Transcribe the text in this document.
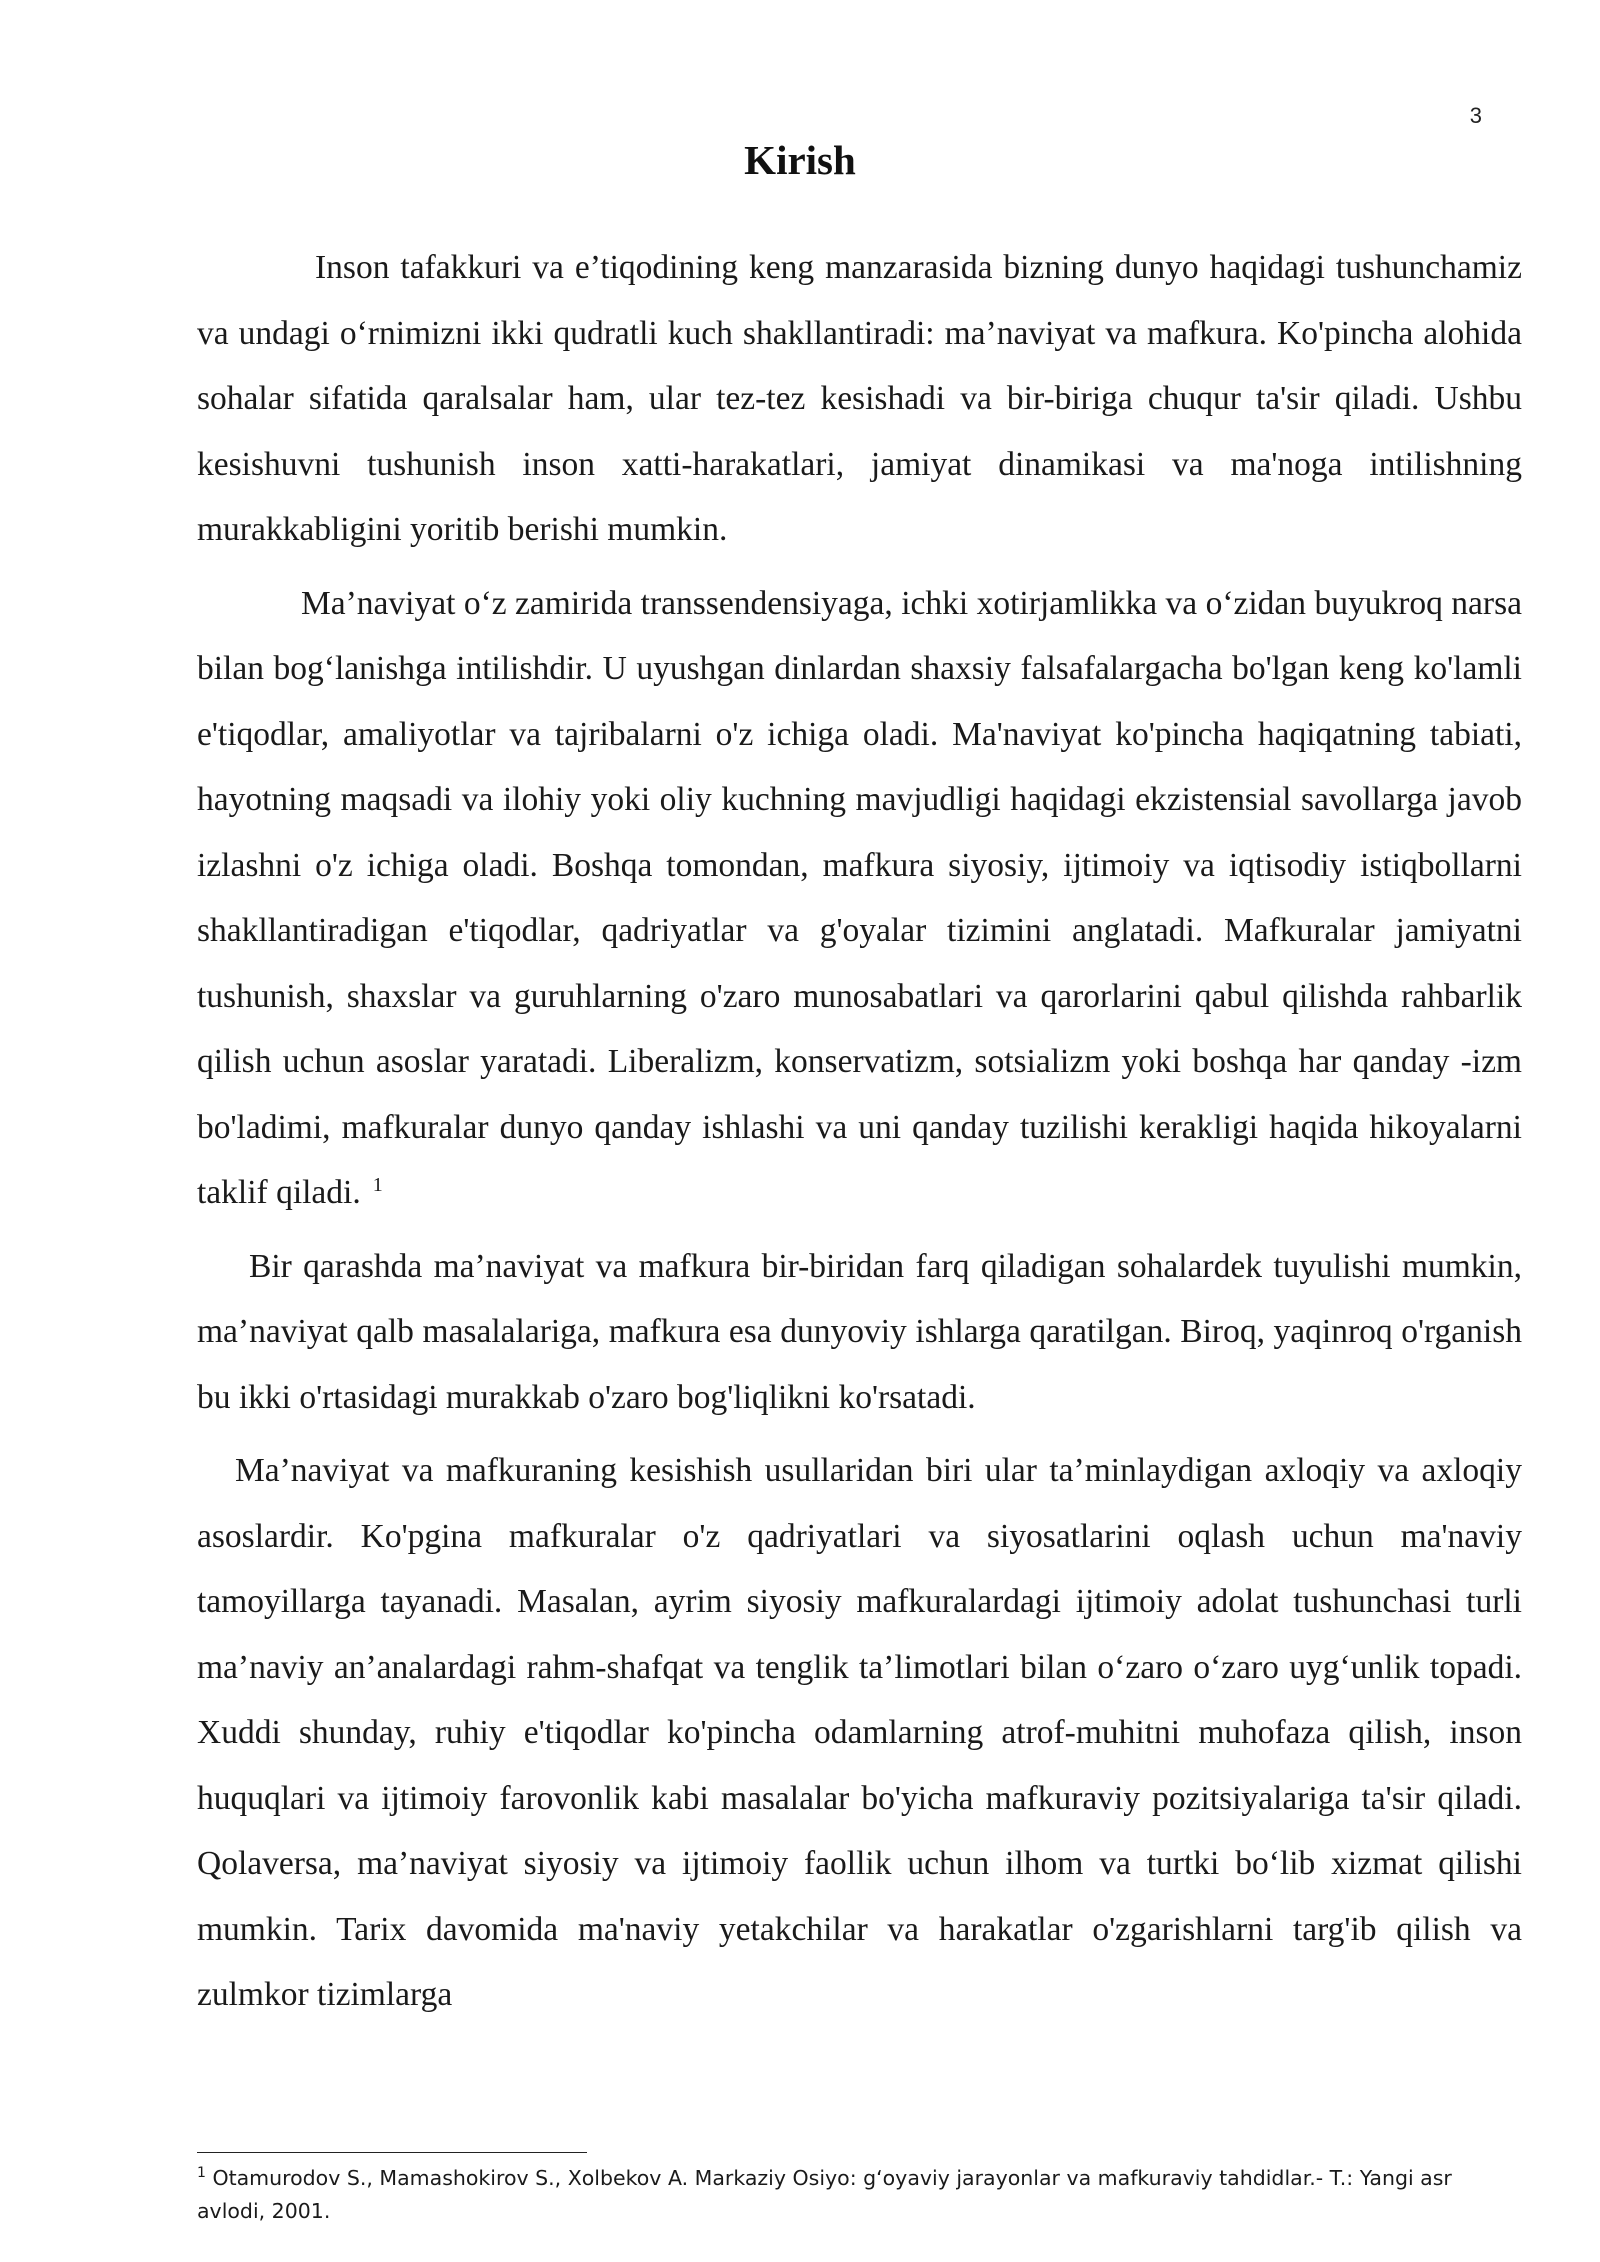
3
Kirish

Inson tafakkuri va e’tiqodining keng manzarasida bizning dunyo haqidagi tushunchamiz va undagi o‘rnimizni ikki qudratli kuch shakllantiradi: ma’naviyat va mafkura. Ko'pincha alohida sohalar sifatida qaralsalar ham, ular tez-tez kesishadi va bir-biriga chuqur ta'sir qiladi. Ushbu kesishuvni tushunish inson xatti-harakatlari, jamiyat dinamikasi va ma'noga intilishning murakkabligini yoritib berishi mumkin.

Ma’naviyat o‘z zamirida transsendensiyaga, ichki xotirjamlikka va o‘zidan buyukroq narsa bilan bog‘lanishga intilishdir. U uyushgan dinlardan shaxsiy falsafalargacha bo'lgan keng ko'lamli e'tiqodlar, amaliyotlar va tajribalarni o'z ichiga oladi. Ma'naviyat ko'pincha haqiqatning tabiati, hayotning maqsadi va ilohiy yoki oliy kuchning mavjudligi haqidagi ekzistensial savollarga javob izlashni o'z ichiga oladi. Boshqa tomondan, mafkura siyosiy, ijtimoiy va iqtisodiy istiqbollarni shakllantiradigan e'tiqodlar, qadriyatlar va g'oyalar tizimini anglatadi. Mafkuralar jamiyatni tushunish, shaxslar va guruhlarning o'zaro munosabatlari va qarorlarini qabul qilishda rahbarlik qilish uchun asoslar yaratadi. Liberalizm, konservatizm, sotsializm yoki boshqa har qanday -izm bo'ladimi, mafkuralar dunyo qanday ishlashi va uni qanday tuzilishi kerakligi haqida hikoyalarni taklif qiladi. $^1$

Bir qarashda ma’naviyat va mafkura bir-biridan farq qiladigan sohalardek tuyulishi mumkin, ma’naviyat qalb masalalariga, mafkura esa dunyoviy ishlarga qaratilgan. Biroq, yaqinroq o'rganish bu ikki o'rtasidagi murakkab o'zaro bog'liqlikni ko'rsatadi.

Ma’naviyat va mafkuraning kesishish usullaridan biri ular ta’minlaydigan axloqiy va axloqiy asoslardir. Ko'pgina mafkuralar o'z qadriyatlari va siyosatlarini oqlash uchun ma'naviy tamoyillarga tayanadi. Masalan, ayrim siyosiy mafkuralardagi ijtimoiy adolat tushunchasi turli ma’naviy an’analardagi rahm-shafqat va tenglik ta’limotlari bilan o‘zaro o‘zaro uyg‘unlik topadi. Xuddi shunday, ruhiy e'tiqodlar ko'pincha odamlarning atrof-muhitni muhofaza qilish, inson huquqlari va ijtimoiy farovonlik kabi masalalar bo'yicha mafkuraviy pozitsiyalariga ta'sir qiladi. Qolaversa, ma’naviyat siyosiy va ijtimoiy faollik uchun ilhom va turtki bo‘lib xizmat qilishi mumkin. Tarix davomida ma'naviy yetakchilar va harakatlar o'zgarishlarni targ'ib qilish va zulmkor tizimlarga

$^1$ Otamurodov S., Mamashokirov S., Xolbekov A. Markaziy Osiyo: g‘oyaviy jarayonlar va mafkuraviy tahdidlar.- T.: Yangi asr avlodi, 2001.
